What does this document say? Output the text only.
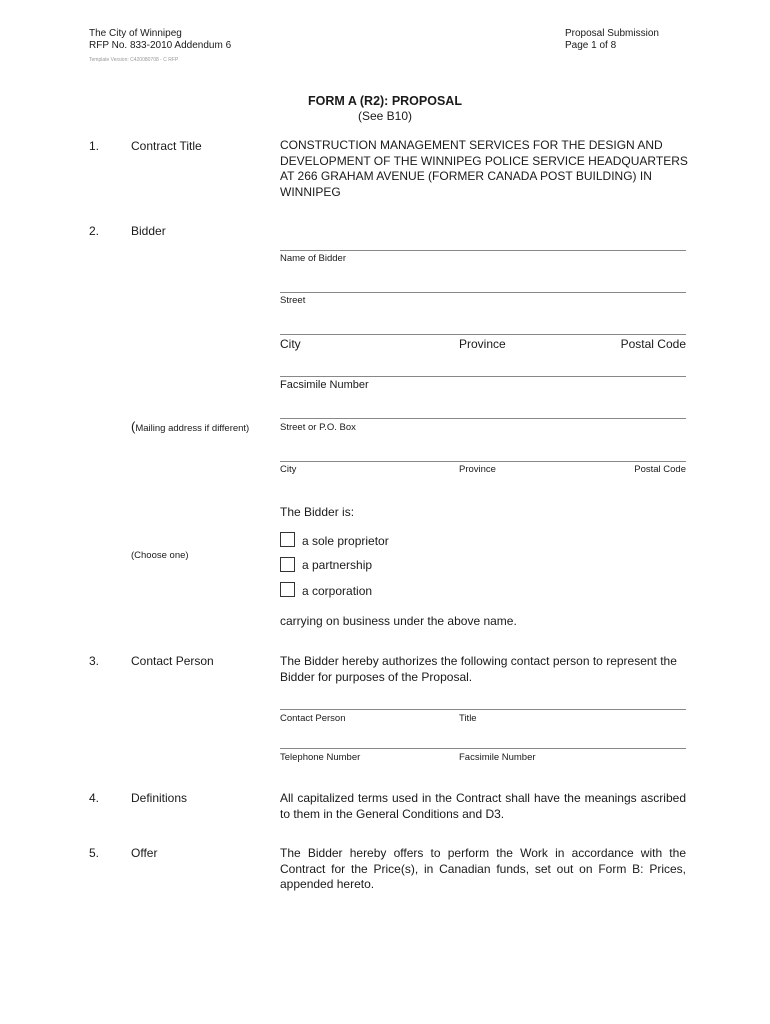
The City of Winnipeg
RFP No. 833-2010 Addendum 6
Proposal Submission
Page 1 of 8
Template Version: C420080708 - C RFP
FORM A (R2): PROPOSAL
(See B10)
1.	Contract Title	CONSTRUCTION MANAGEMENT SERVICES FOR THE DESIGN AND DEVELOPMENT OF THE WINNIPEG POLICE SERVICE HEADQUARTERS AT 266 GRAHAM AVENUE (FORMER CANADA POST BUILDING) IN WINNIPEG
2.	Bidder
Name of Bidder
Street
City	Province	Postal Code
Facsimile Number
(Mailing address if different)	Street or P.O. Box
City	Province	Postal Code
The Bidder is:
(Choose one)
a sole proprietor
a partnership
a corporation
carrying on business under the above name.
3.	Contact Person	The Bidder hereby authorizes the following contact person to represent the Bidder for purposes of the Proposal.
Contact Person	Title
Telephone Number	Facsimile Number
4.	Definitions	All capitalized terms used in the Contract shall have the meanings ascribed to them in the General Conditions and D3.
5.	Offer	The Bidder hereby offers to perform the Work in accordance with the Contract for the Price(s), in Canadian funds, set out on Form B: Prices, appended hereto.
